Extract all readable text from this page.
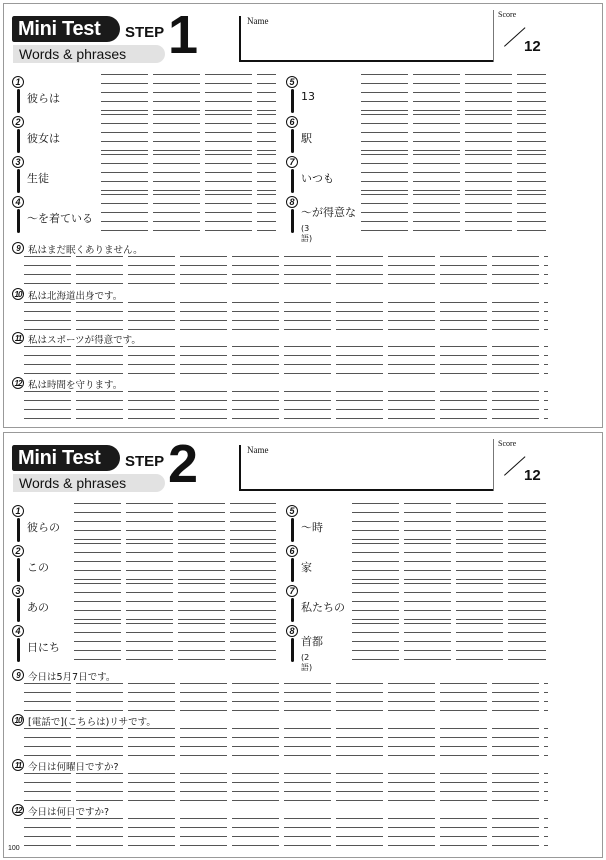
Mini Test	STEP 1
Words & phrases
Name
Score
12
1
彼らは
2
彼女は
3
生徒
4
～を着ている
5
13
6
駅
7
いつも
8
～が得意な
(3語)
9 私はまだ眠くありません。
10 私は北海道出身です。
11 私はスポーツが得意です。
12 私は時間を守ります。
Mini Test	STEP 2
Words & phrases
Name
Score
12
1
彼らの
2
この
3
あの
4
日にち
5
～時
6
家
7
私たちの
8
首都
(2語)
9 今日は5月7日です。
10 [電話で](こちらは)リサです。
11 今日は何曜日ですか?
12 今日は何日ですか?
100
